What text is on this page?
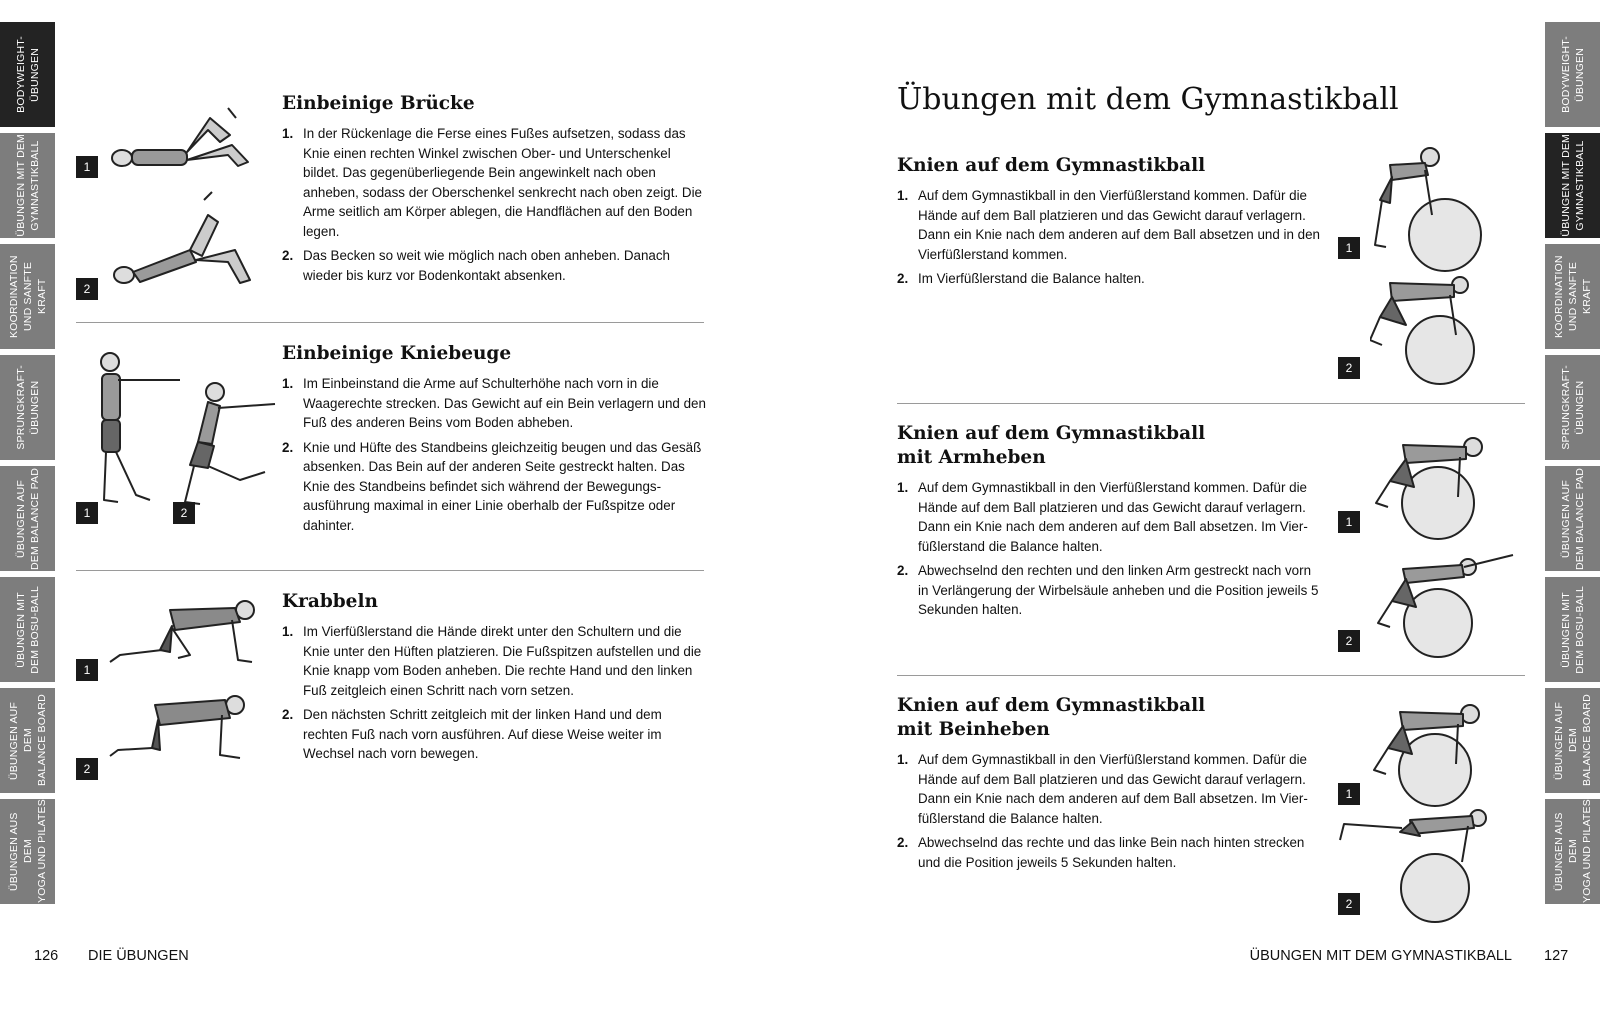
BODYWEIGHT-
ÜBUNGEN
ÜBUNGEN MIT DEM
GYMNASTIKBALL
KOORDINATION
UND SANFTE KRAFT
SPRUNGKRAFT-
ÜBUNGEN
ÜBUNGEN AUF
DEM BALANCE PAD
ÜBUNGEN MIT
DEM BOSU-BALL
ÜBUNGEN AUF DEM
BALANCE BOARD
ÜBUNGEN AUS DEM
YOGA UND PILATES
BODYWEIGHT-
ÜBUNGEN
ÜBUNGEN MIT DEM
GYMNASTIKBALL
KOORDINATION
UND SANFTE KRAFT
SPRUNGKRAFT-
ÜBUNGEN
ÜBUNGEN AUF
DEM BALANCE PAD
ÜBUNGEN MIT
DEM BOSU-BALL
ÜBUNGEN AUF DEM
BALANCE BOARD
ÜBUNGEN AUS DEM
YOGA UND PILATES
1
2
Einbeinige Brücke
1. In der Rückenlage die Ferse eines Fußes aufsetzen, sodass das Knie einen rechten Winkel zwischen Ober- und Unterschenkel bildet. Das gegenüberliegende Bein angewinkelt nach oben anheben, sodass der Oberschenkel senkrecht nach oben zeigt. Die Arme seitlich am Körper ablegen, die Handflächen auf den Boden legen.
2. Das Becken so weit wie möglich nach oben anheben. Danach wieder bis kurz vor Bodenkontakt absenken.
1	2
Einbeinige Kniebeuge
1. Im Einbeinstand die Arme auf Schulterhöhe nach vorn in die Waagerechte strecken. Das Gewicht auf ein Bein verlagern und den Fuß des anderen Beins vom Boden abheben.
2. Knie und Hüfte des Standbeins gleichzeitig beugen und das Gesäß absenken. Das Bein auf der anderen Seite gestreckt halten. Das Knie des Standbeins befindet sich während der Bewegungs-ausführung maximal in einer Linie oberhalb der Fußspitze oder dahinter.
1
2
Krabbeln
1. Im Vierfüßlerstand die Hände direkt unter den Schultern und die Knie unter den Hüften platzieren. Die Fußspitzen aufstellen und die Knie knapp vom Boden anheben. Die rechte Hand und den linken Fuß zeitgleich einen Schritt nach vorn setzen.
2. Den nächsten Schritt zeitgleich mit der linken Hand und dem rechten Fuß nach vorn ausführen. Auf diese Weise weiter im Wechsel nach vorn bewegen.
126 DIE ÜBUNGEN
Übungen mit dem Gymnastikball
Knien auf dem Gymnastikball
1. Auf dem Gymnastikball in den Vierfüßlerstand kommen. Dafür die Hände auf dem Ball platzieren und das Gewicht darauf verlagern. Dann ein Knie nach dem anderen auf dem Ball absetzen und in den Vierfüßlerstand kommen.
2. Im Vierfüßlerstand die Balance halten.
1
2
Knien auf dem Gymnastikball
mit Armheben
1. Auf dem Gymnastikball in den Vierfüßlerstand kommen. Dafür die Hände auf dem Ball platzieren und das Gewicht darauf verlagern. Dann ein Knie nach dem anderen auf dem Ball absetzen. Im Vier-füßlerstand die Balance halten.
2. Abwechselnd den rechten und den linken Arm gestreckt nach vorn in Verlängerung der Wirbelsäule anheben und die Position jeweils 5 Sekunden halten.
1
2
Knien auf dem Gymnastikball
mit Beinheben
1. Auf dem Gymnastikball in den Vierfüßlerstand kommen. Dafür die Hände auf dem Ball platzieren und das Gewicht darauf verlagern. Dann ein Knie nach dem anderen auf dem Ball absetzen. Im Vier-füßlerstand die Balance halten.
2. Abwechselnd das rechte und das linke Bein nach hinten strecken und die Position jeweils 5 Sekunden halten.
1
2
ÜBUNGEN MIT DEM GYMNASTIKBALL 127
